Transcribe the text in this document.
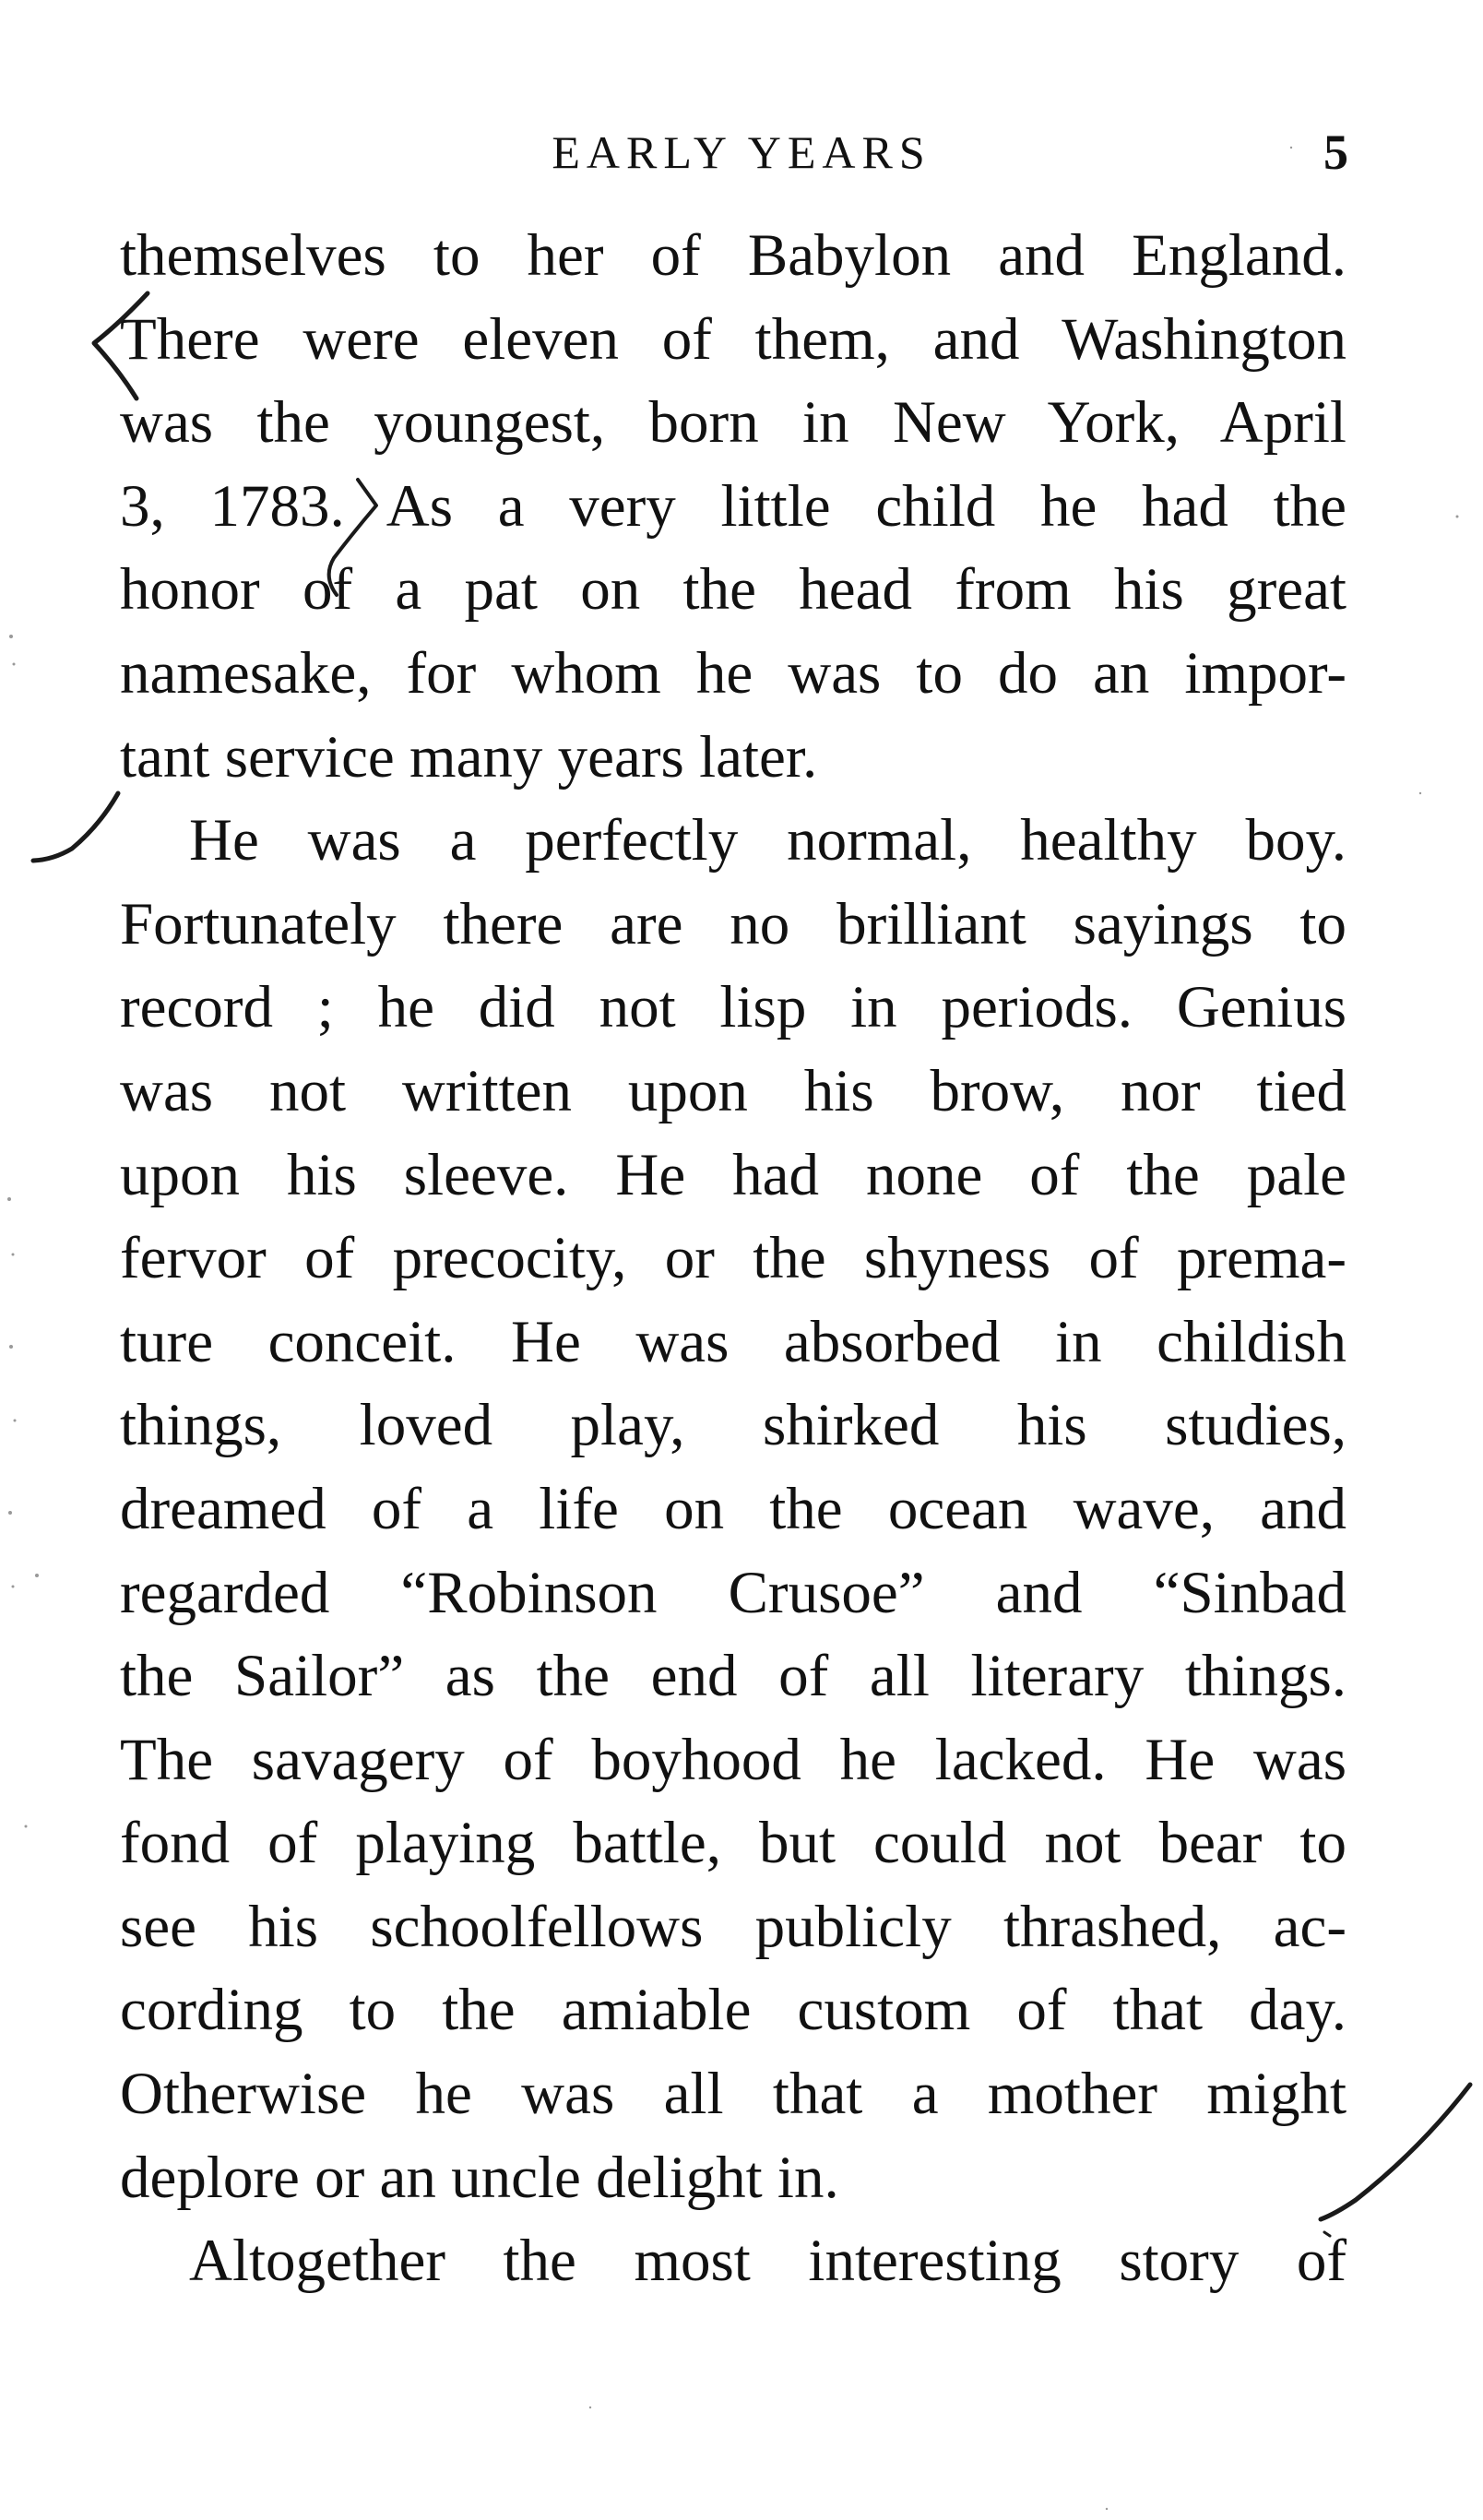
EARLY YEARS	5
themselves to her of Babylon and England.
There were eleven of them, and Washington
was the youngest, born in New York, April
3, 1783. As a very little child he had the
honor of a pat on the head from his great
namesake, for whom he was to do an impor-
tant service many years later.
He was a perfectly normal, healthy boy.
Fortunately there are no brilliant sayings to
record ; he did not lisp in periods. Genius
was not written upon his brow, nor tied
upon his sleeve. He had none of the pale
fervor of precocity, or the shyness of prema-
ture conceit. He was absorbed in childish
things, loved play, shirked his studies,
dreamed of a life on the ocean wave, and
regarded “Robinson Crusoe” and “Sinbad
the Sailor” as the end of all literary things.
The savagery of boyhood he lacked. He was
fond of playing battle, but could not bear to
see his schoolfellows publicly thrashed, ac-
cording to the amiable custom of that day.
Otherwise he was all that a mother might
deplore or an uncle delight in.
Altogether the most interesting story of
